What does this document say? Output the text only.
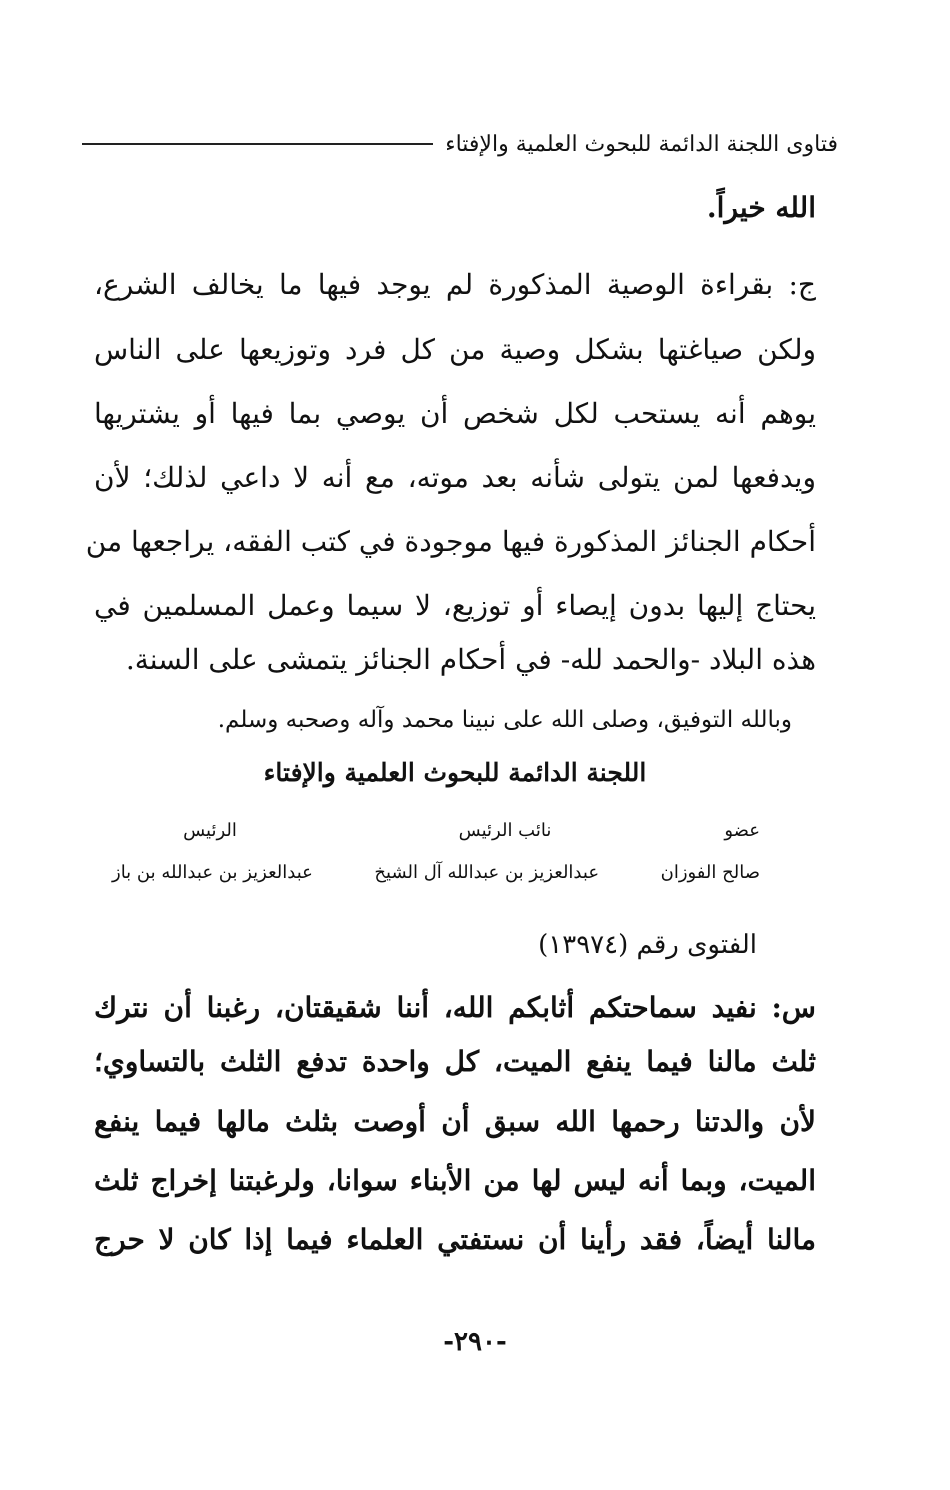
فتاوى اللجنة الدائمة للبحوث العلمية والإفتاء
الله خيراً.
ج: بقراءة الوصية المذكورة لم يوجد فيها ما يخالف الشرع،
ولكن صياغتها بشكل وصية من كل فرد وتوزيعها على الناس
يوهم أنه يستحب لكل شخص أن يوصي بما فيها أو يشتريها
ويدفعها لمن يتولى شأنه بعد موته، مع أنه لا داعي لذلك؛ لأن
أحكام الجنائز المذكورة فيها موجودة في كتب الفقه، يراجعها من
يحتاج إليها بدون إيصاء أو توزيع، لا سيما وعمل المسلمين في
هذه البلاد -والحمد لله- في أحكام الجنائز يتمشى على السنة.
وبالله التوفيق، وصلى الله على نبينا محمد وآله وصحبه وسلم.
اللجنة الدائمة للبحوث العلمية والإفتاء
عضو
نائب الرئيس
الرئيس
صالح الفوزان
عبدالعزيز بن عبدالله آل الشيخ
عبدالعزيز بن عبدالله بن باز
الفتوى رقم (١٣٩٧٤)
س: نفيد سماحتكم أثابكم الله، أننا شقيقتان، رغبنا أن نترك
ثلث مالنا فيما ينفع الميت، كل واحدة تدفع الثلث بالتساوي؛
لأن والدتنا رحمها الله سبق أن أوصت بثلث مالها فيما ينفع
الميت، وبما أنه ليس لها من الأبناء سوانا، ولرغبتنا إخراج ثلث
مالنا أيضاً، فقد رأينا أن نستفتي العلماء فيما إذا كان لا حرج
-٢٩٠-
